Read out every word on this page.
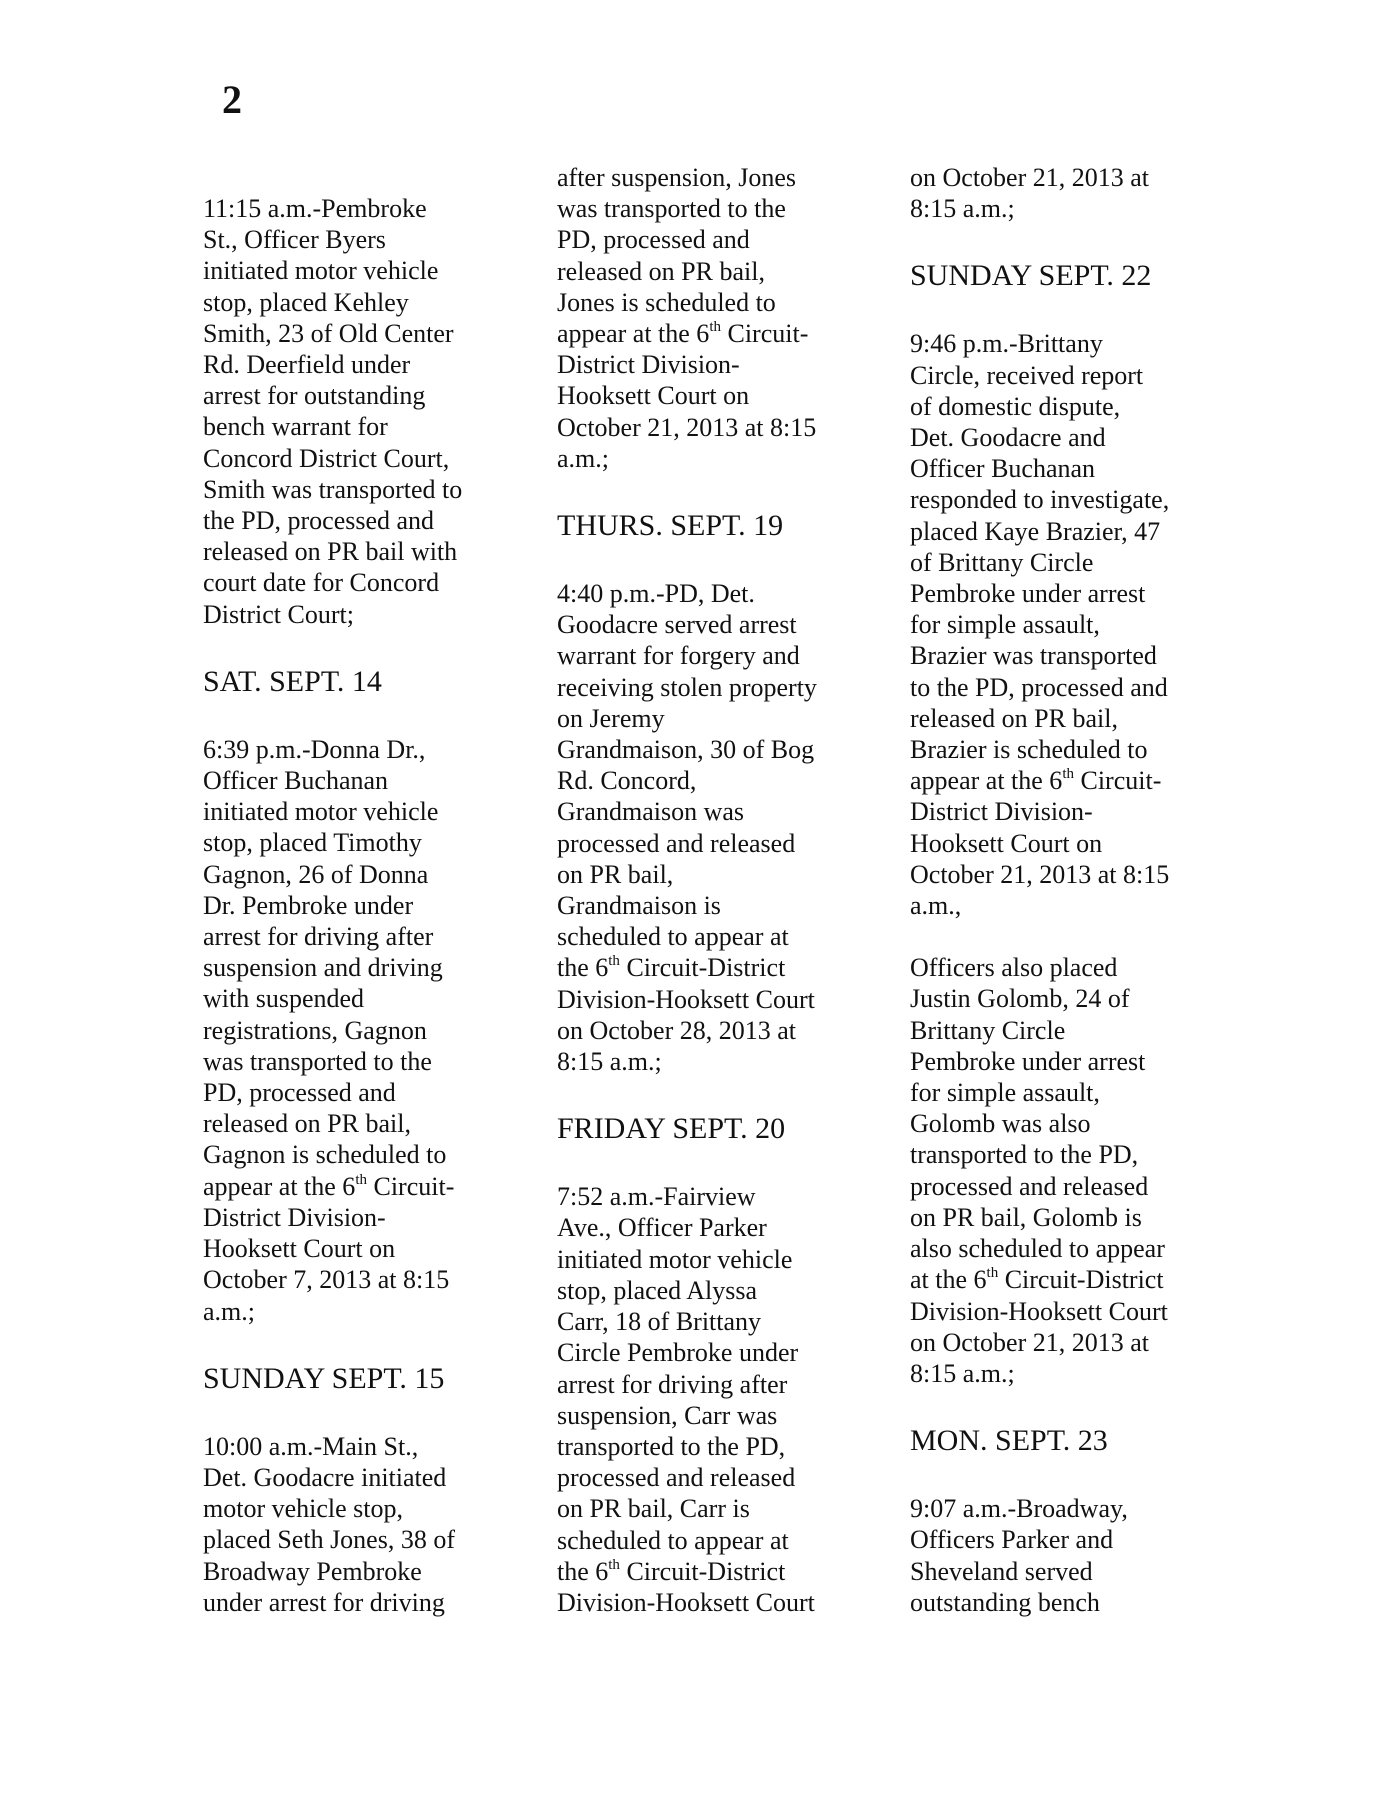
2

11:15 a.m.-Pembroke

St., Officer Byers

initiated motor vehicle

stop, placed Kehley

Smith, 23 of Old Center

Rd. Deerfield under

arrest for outstanding

bench warrant for

Concord District Court,

Smith was transported to

the PD, processed and

released on PR bail with

court date for Concord

District Court;

SAT. SEPT. 14

6:39 p.m.-Donna Dr.,

Officer Buchanan

initiated motor vehicle

stop, placed Timothy

Gagnon, 26 of Donna

Dr. Pembroke under

arrest for driving after

suspension and driving

with suspended

registrations, Gagnon

was transported to the

PD, processed and

released on PR bail,

Gagnon is scheduled to

appear at the 6th Circuit-

District Division-

Hooksett Court on

October 7, 2013 at 8:15

a.m.;

SUNDAY SEPT. 15

10:00 a.m.-Main St.,

Det. Goodacre initiated

motor vehicle stop,

placed Seth Jones, 38 of

Broadway Pembroke

under arrest for driving

after suspension, Jones

was transported to the

PD, processed and

released on PR bail,

Jones is scheduled to

appear at the 6th Circuit-

District Division-

Hooksett Court on

October 21, 2013 at 8:15

a.m.;

THURS. SEPT. 19

4:40 p.m.-PD, Det.

Goodacre served arrest

warrant for forgery and

receiving stolen property

on Jeremy

Grandmaison, 30 of Bog

Rd. Concord,

Grandmaison was

processed and released

on PR bail,

Grandmaison is

scheduled to appear at

the 6th Circuit-District

Division-Hooksett Court

on October 28, 2013 at

8:15 a.m.;

FRIDAY SEPT. 20

7:52 a.m.-Fairview

Ave., Officer Parker

initiated motor vehicle

stop, placed Alyssa

Carr, 18 of Brittany

Circle Pembroke under

arrest for driving after

suspension, Carr was

transported to the PD,

processed and released

on PR bail, Carr is

scheduled to appear at

the 6th Circuit-District

Division-Hooksett Court

on October 21, 2013 at

8:15 a.m.;

SUNDAY SEPT. 22

9:46 p.m.-Brittany

Circle, received report

of domestic dispute,

Det. Goodacre and

Officer Buchanan

responded to investigate,

placed Kaye Brazier, 47

of Brittany Circle

Pembroke under arrest

for simple assault,

Brazier was transported

to the PD, processed and

released on PR bail,

Brazier is scheduled to

appear at the 6th Circuit-

District Division-

Hooksett Court on

October 21, 2013 at 8:15

a.m.,

Officers also placed

Justin Golomb, 24 of

Brittany Circle

Pembroke under arrest

for simple assault,

Golomb was also

transported to the PD,

processed and released

on PR bail, Golomb is

also scheduled to appear

at the 6th Circuit-District

Division-Hooksett Court

on October 21, 2013 at

8:15 a.m.;

MON. SEPT. 23

9:07 a.m.-Broadway,

Officers Parker and

Sheveland served

outstanding bench
